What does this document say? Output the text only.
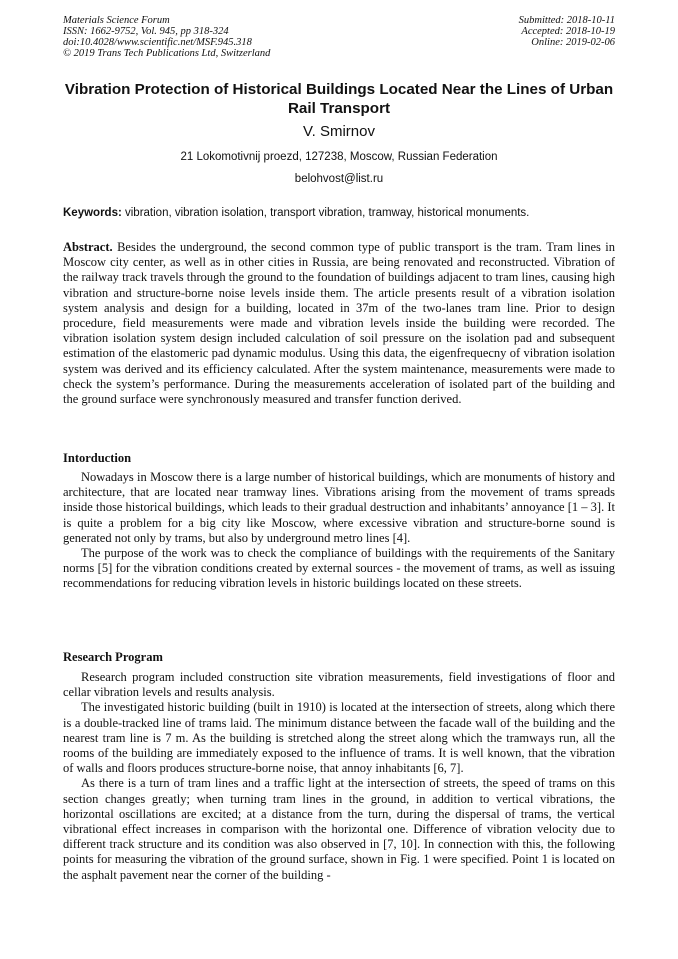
Materials Science Forum
ISSN: 1662-9752, Vol. 945, pp 318-324
doi:10.4028/www.scientific.net/MSF.945.318
© 2019 Trans Tech Publications Ltd, Switzerland
Submitted: 2018-10-11
Accepted: 2018-10-19
Online: 2019-02-06
Vibration Protection of Historical Buildings Located Near the Lines of Urban Rail Transport
V. Smirnov
21 Lokomotivnij proezd, 127238, Moscow, Russian Federation
belohvost@list.ru
Keywords: vibration, vibration isolation, transport vibration, tramway, historical monuments.
Abstract. Besides the underground, the second common type of public transport is the tram. Tram lines in Moscow city center, as well as in other cities in Russia, are being renovated and reconstructed. Vibration of the railway track travels through the ground to the foundation of buildings adjacent to tram lines, causing high vibration and structure-borne noise levels inside them. The article presents result of a vibration isolation system analysis and design for a building, located in 37m of the two-lanes tram line. Prior to design procedure, field measurements were made and vibration levels inside the building were recorded. The vibration isolation system design included calculation of soil pressure on the isolation pad and subsequent estimation of the elastomeric pad dynamic modulus. Using this data, the eigenfrequecny of vibration isolation system was derived and its efficiency calculated. After the system maintenance, measurements were made to check the system’s performance. During the measurements acceleration of isolated part of the building and the ground surface were synchronously measured and transfer function derived.
Intorduction

Nowadays in Moscow there is a large number of historical buildings, which are monuments of history and architecture, that are located near tramway lines. Vibrations arising from the movement of trams spreads inside those historical buildings, which leads to their gradual destruction and inhabitants’ annoyance [1 – 3]. It is quite a problem for a big city like Moscow, where excessive vibration and structure-borne sound is generated not only by trams, but also by underground metro lines [4].

The purpose of the work was to check the compliance of buildings with the requirements of the Sanitary norms [5] for the vibration conditions created by external sources - the movement of trams, as well as issuing recommendations for reducing vibration levels in historic buildings located on these streets.

Research Program

Research program included construction site vibration measurements, field investigations of floor and cellar vibration levels and results analysis.

The investigated historic building (built in 1910) is located at the intersection of streets, along which there is a double-tracked line of trams laid. The minimum distance between the facade wall of the building and the nearest tram line is 7 m. As the building is stretched along the street along which the tramways run, all the rooms of the building are immediately exposed to the influence of trams. It is well known, that the vibration of walls and floors produces structure-borne noise, that annoy inhabitants [6, 7].

As there is a turn of tram lines and a traffic light at the intersection of streets, the speed of trams on this section changes greatly; when turning tram lines in the ground, in addition to vertical vibrations, the horizontal oscillations are excited; at a distance from the turn, during the dispersal of trams, the vertical vibrational effect increases in comparison with the horizontal one. Difference of vibration velocity due to different track structure and its condition was also observed in [7, 10]. In connection with this, the following points for measuring the vibration of the ground surface, shown in Fig. 1 were specified. Point 1 is located on the asphalt pavement near the corner of the building -
